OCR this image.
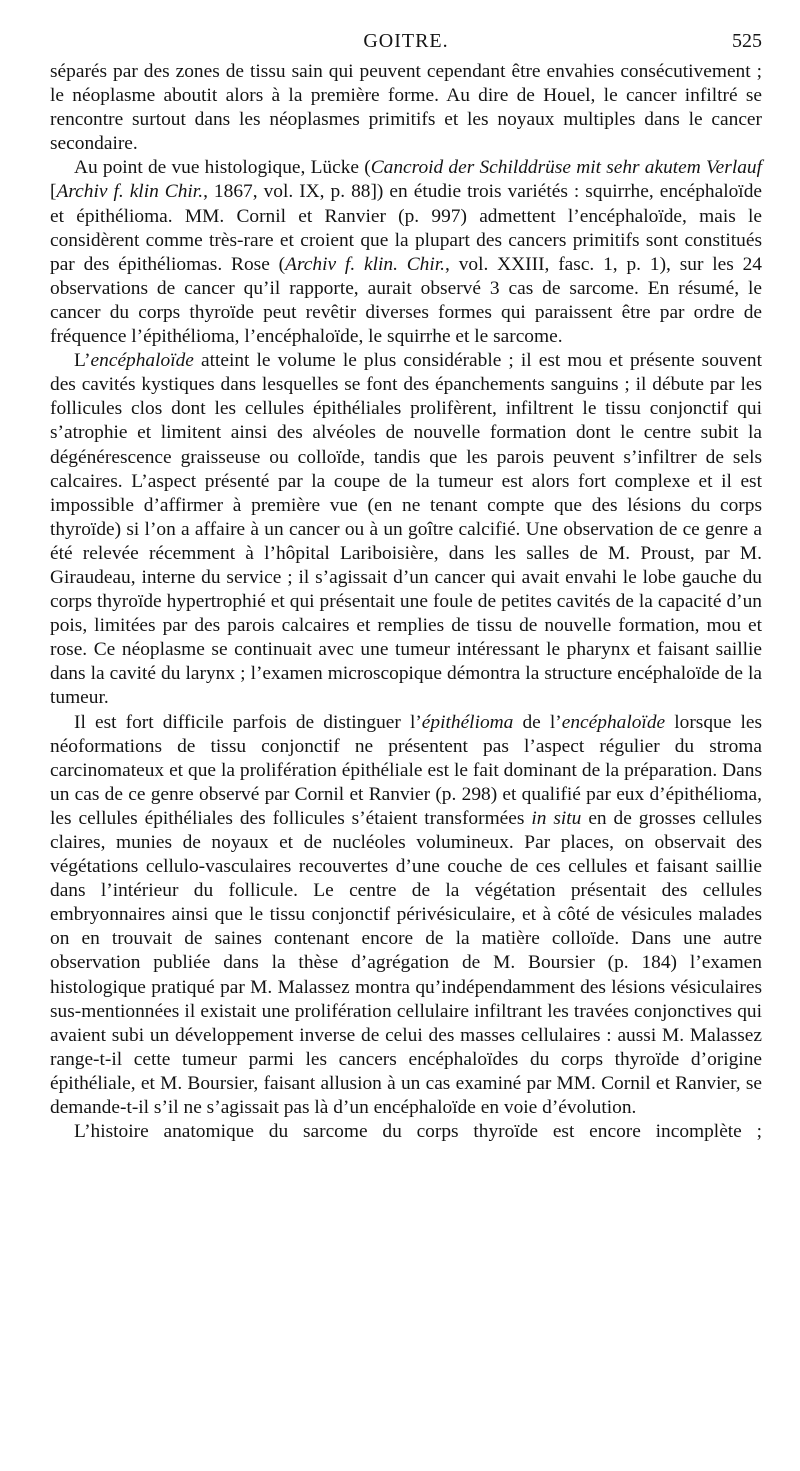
GOITRE.	525

séparés par des zones de tissu sain qui peuvent cependant être envahies consécutivement ; le néoplasme aboutit alors à la première forme. Au dire de Houel, le cancer infiltré se rencontre surtout dans les néoplasmes primitifs et les noyaux multiples dans le cancer secondaire.

Au point de vue histologique, Lücke (Cancroid der Schilddrüse mit sehr akutem Verlauf [Archiv f. klin Chir., 1867, vol. IX, p. 88]) en étudie trois variétés : squirrhe, encéphaloïde et épithélioma. MM. Cornil et Ranvier (p. 997) admettent l’encéphaloïde, mais le considèrent comme très-rare et croient que la plupart des cancers primitifs sont constitués par des épithéliomas. Rose (Archiv f. klin. Chir., vol. XXIII, fasc. 1, p. 1), sur les 24 observations de cancer qu’il rapporte, aurait observé 3 cas de sarcome. En résumé, le cancer du corps thyroïde peut revêtir diverses formes qui paraissent être par ordre de fréquence l’épithélioma, l’encéphaloïde, le squirrhe et le sarcome.

L’encéphaloïde atteint le volume le plus considérable ; il est mou et présente souvent des cavités kystiques dans lesquelles se font des épanchements sanguins ; il débute par les follicules clos dont les cellules épithéliales prolifèrent, infiltrent le tissu conjonctif qui s’atrophie et limitent ainsi des alvéoles de nouvelle formation dont le centre subit la dégénérescence graisseuse ou colloïde, tandis que les parois peuvent s’infiltrer de sels calcaires. L’aspect présenté par la coupe de la tumeur est alors fort complexe et il est impossible d’affirmer à première vue (en ne tenant compte que des lésions du corps thyroïde) si l’on a affaire à un cancer ou à un goître calcifié. Une observation de ce genre a été relevée récemment à l’hôpital Lariboisière, dans les salles de M. Proust, par M. Giraudeau, interne du service ; il s’agissait d’un cancer qui avait envahi le lobe gauche du corps thyroïde hypertrophié et qui présentait une foule de petites cavités de la capacité d’un pois, limitées par des parois calcaires et remplies de tissu de nouvelle formation, mou et rose. Ce néoplasme se continuait avec une tumeur intéressant le pharynx et faisant saillie dans la cavité du larynx ; l’examen microscopique démontra la structure encéphaloïde de la tumeur.

Il est fort difficile parfois de distinguer l’épithélioma de l’encéphaloïde lorsque les néoformations de tissu conjonctif ne présentent pas l’aspect régulier du stroma carcinomateux et que la prolifération épithéliale est le fait dominant de la préparation. Dans un cas de ce genre observé par Cornil et Ranvier (p. 298) et qualifié par eux d’épithélioma, les cellules épithéliales des follicules s’étaient transformées in situ en de grosses cellules claires, munies de noyaux et de nucléoles volumineux. Par places, on observait des végétations cellulo-vasculaires recouvertes d’une couche de ces cellules et faisant saillie dans l’intérieur du follicule. Le centre de la végétation présentait des cellules embryonnaires ainsi que le tissu conjonctif périvésiculaire, et à côté de vésicules malades on en trouvait de saines contenant encore de la matière colloïde. Dans une autre observation publiée dans la thèse d’agrégation de M. Boursier (p. 184) l’examen histologique pratiqué par M. Malassez montra qu’indépendamment des lésions vésiculaires sus-mentionnées il existait une prolifération cellulaire infiltrant les travées conjonctives qui avaient subi un développement inverse de celui des masses cellulaires : aussi M. Malassez range-t-il cette tumeur parmi les cancers encéphaloïdes du corps thyroïde d’origine épithéliale, et M. Boursier, faisant allusion à un cas examiné par MM. Cornil et Ranvier, se demande-t-il s’il ne s’agissait pas là d’un encéphaloïde en voie d’évolution.

L’histoire anatomique du sarcome du corps thyroïde est encore incomplète ;
